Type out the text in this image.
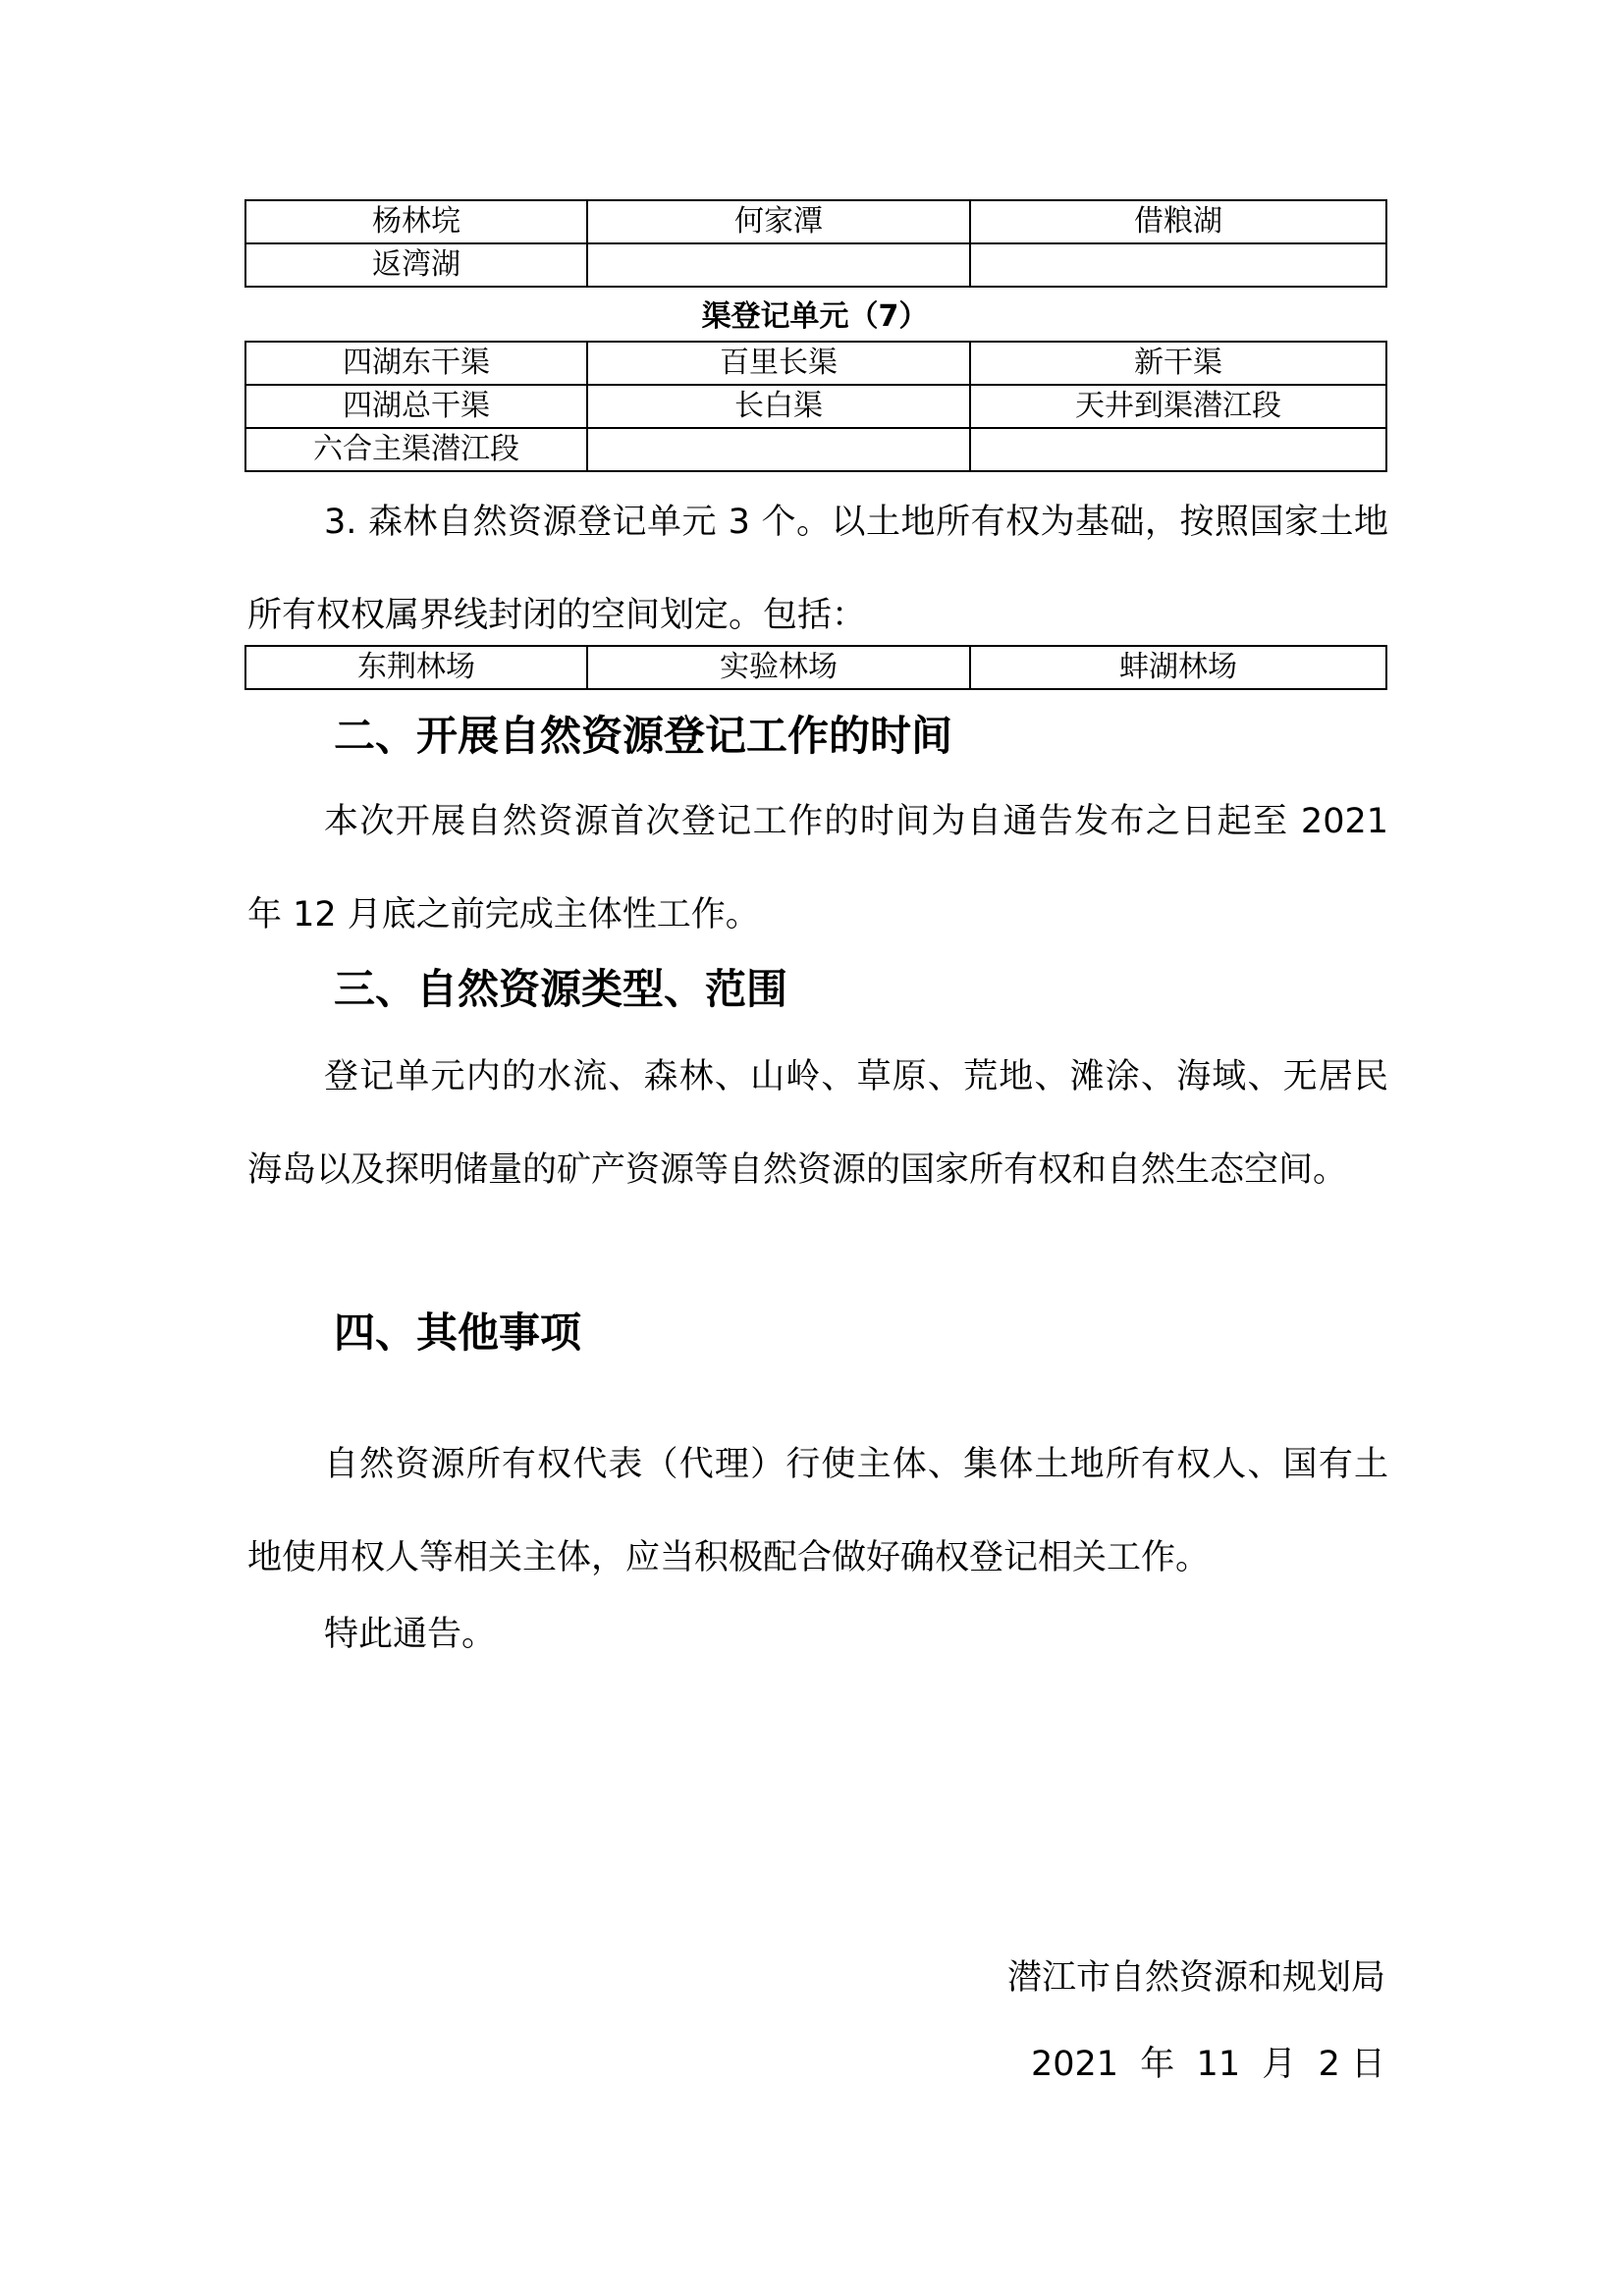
杨林垸	何家潭	借粮湖
返湾湖		
渠登记单元（7）
四湖东干渠	百里长渠	新干渠
四湖总干渠	长白渠	天井到渠潜江段
六合主渠潜江段		

3. 森林自然资源登记单元 3 个。以土地所有权为基础，按照国家土地所有权权属界线封闭的空间划定。包括：

东荆林场	实验林场	蚌湖林场
二、开展自然资源登记工作的时间

本次开展自然资源首次登记工作的时间为自通告发布之日起至 2021 年 12 月底之前完成主体性工作。

三、自然资源类型、范围

登记单元内的水流、森林、山岭、草原、荒地、滩涂、海域、无居民海岛以及探明储量的矿产资源等自然资源的国家所有权和自然生态空间。

四、其他事项

自然资源所有权代表（代理）行使主体、集体土地所有权人、国有土地使用权人等相关主体，应当积极配合做好确权登记相关工作。

特此通告。

潜江市自然资源和规划局
2021  年  11  月  2 日
